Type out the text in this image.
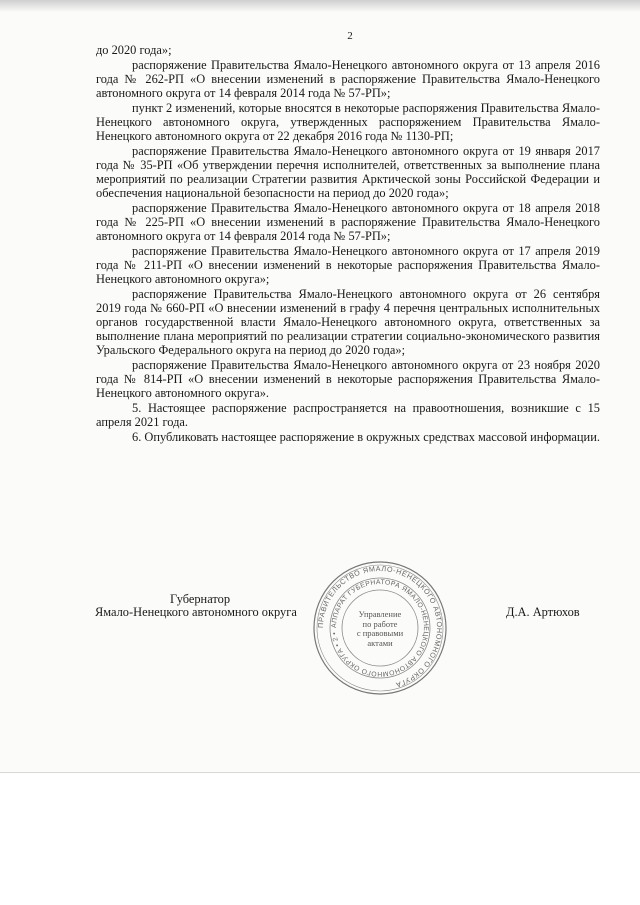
2

до 2020 года»;

распоряжение Правительства Ямало-Ненецкого автономного округа от 13 апреля 2016 года № 262-РП «О внесении изменений в распоряжение Правительства Ямало-Ненецкого автономного округа от 14 февраля 2014 года № 57-РП»;

пункт 2 изменений, которые вносятся в некоторые распоряжения Правительства Ямало-Ненецкого автономного округа, утвержденных распоряжением Правительства Ямало-Ненецкого автономного округа от 22 декабря 2016 года № 1130-РП;

распоряжение Правительства Ямало-Ненецкого автономного округа от 19 января 2017 года № 35-РП «Об утверждении перечня исполнителей, ответственных за выполнение плана мероприятий по реализации Стратегии развития Арктической зоны Российской Федерации и обеспечения национальной безопасности на период до 2020 года»;

распоряжение Правительства Ямало-Ненецкого автономного округа от 18 апреля 2018 года № 225-РП «О внесении изменений в распоряжение Правительства Ямало-Ненецкого автономного округа от 14 февраля 2014 года № 57-РП»;

распоряжение Правительства Ямало-Ненецкого автономного округа от 17 апреля 2019 года № 211-РП «О внесении изменений в некоторые распоряжения Правительства Ямало-Ненецкого автономного округа»;

распоряжение Правительства Ямало-Ненецкого автономного округа от 26 сентября 2019 года № 660-РП «О внесении изменений в графу 4 перечня центральных исполнительных органов государственной власти Ямало-Ненецкого автономного округа, ответственных за выполнение плана мероприятий по реализации стратегии социально-экономического развития Уральского Федерального округа на период до 2020 года»;

распоряжение Правительства Ямало-Ненецкого автономного округа от 23 ноября 2020 года № 814-РП «О внесении изменений в некоторые распоряжения Правительства Ямало-Ненецкого автономного округа».

5. Настоящее распоряжение распространяется на правоотношения, возникшие с 15 апреля 2021 года.

6. Опубликовать настоящее распоряжение в окружных средствах массовой информации.

Губернатор
Ямало-Ненецкого автономного округа	Д.А. Артюхов
ПРАВИТЕЛЬСТВО ЯМАЛО-НЕНЕЦКОГО АВТОНОМНОГО ОКРУГА
АППАРАТ ГУБЕРНАТОРА ЯМАЛО-НЕНЕЦКОГО АВТОНОМНОГО ОКРУГА • 2 •
Управление
по работе
с правовыми
актами
